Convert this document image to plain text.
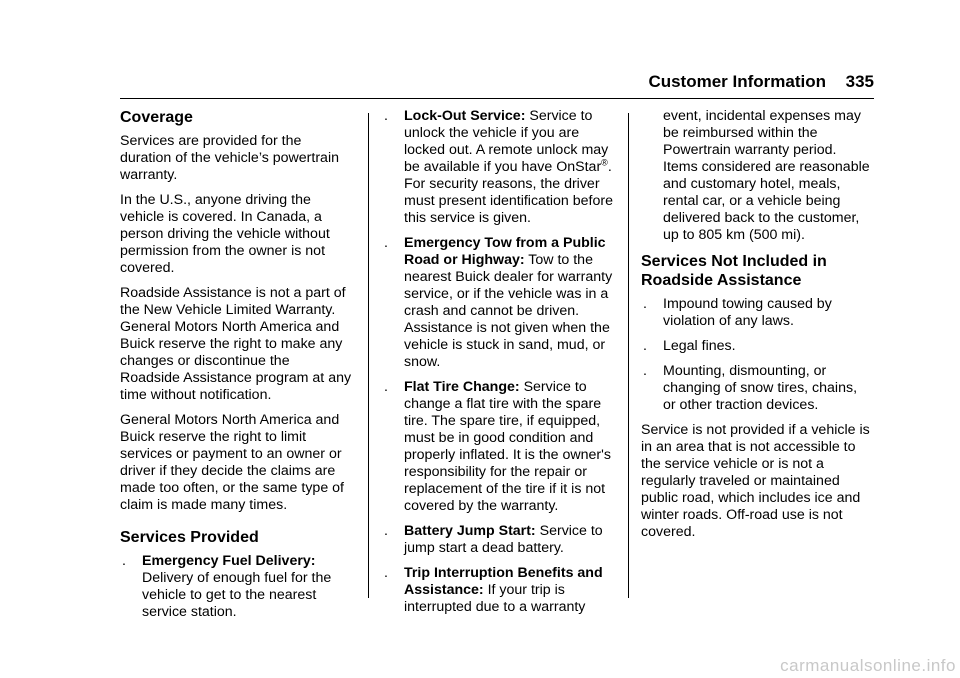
Customer Information 335
Coverage

Services are provided for the duration of the vehicle’s powertrain warranty.

In the U.S., anyone driving the vehicle is covered. In Canada, a person driving the vehicle without permission from the owner is not covered.

Roadside Assistance is not a part of the New Vehicle Limited Warranty. General Motors North America and Buick reserve the right to make any changes or discontinue the Roadside Assistance program at any time without notification.

General Motors North America and Buick reserve the right to limit services or payment to an owner or driver if they decide the claims are made too often, or the same type of claim is made many times.

Services Provided
. Emergency Fuel Delivery:
Delivery of enough fuel for the vehicle to get to the nearest service station.
. Lock-Out Service: Service to unlock the vehicle if you are locked out. A remote unlock may be available if you have OnStar®. For security reasons, the driver must present identification before this service is given.
. Emergency Tow from a Public Road or Highway: Tow to the nearest Buick dealer for warranty service, or if the vehicle was in a crash and cannot be driven. Assistance is not given when the vehicle is stuck in sand, mud, or snow.
. Flat Tire Change: Service to change a flat tire with the spare tire. The spare tire, if equipped, must be in good condition and properly inflated. It is the owner's responsibility for the repair or replacement of the tire if it is not covered by the warranty.
. Battery Jump Start: Service to jump start a dead battery.
. Trip Interruption Benefits and Assistance: If your trip is interrupted due to a warranty
event, incidental expenses may be reimbursed within the Powertrain warranty period. Items considered are reasonable and customary hotel, meals, rental car, or a vehicle being delivered back to the customer, up to 805 km (500 mi).
Services Not Included in Roadside Assistance
. Impound towing caused by violation of any laws.
. Legal fines.
. Mounting, dismounting, or changing of snow tires, chains, or other traction devices.

Service is not provided if a vehicle is in an area that is not accessible to the service vehicle or is not a regularly traveled or maintained public road, which includes ice and winter roads. Off-road use is not covered.

carmanualsonline.info
